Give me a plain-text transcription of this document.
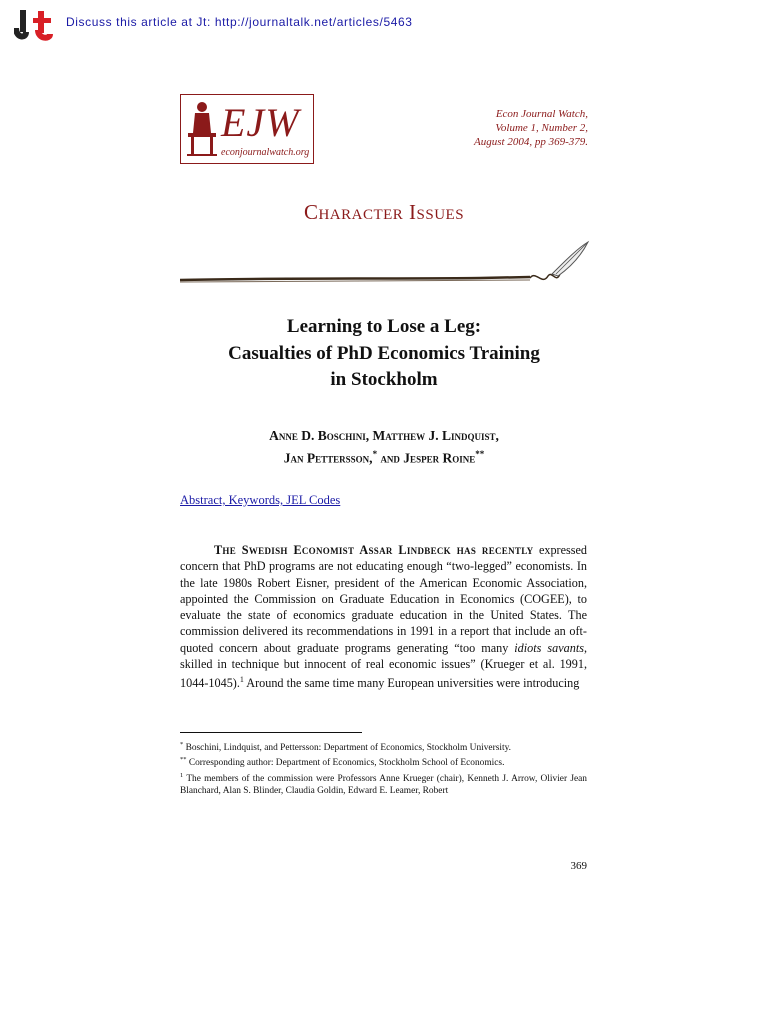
Discuss this article at Jt: http://journaltalk.net/articles/5463
EJW
econjournalwatch.org
Econ Journal Watch,
Volume 1, Number 2,
August 2004, pp 369-379.
Character Issues
Learning to Lose a Leg:
Casualties of PhD Economics Training
in Stockholm
Anne D. Boschini, Matthew J. Lindquist,
Jan Pettersson,* and Jesper Roine**
Abstract, Keywords, JEL Codes

The Swedish Economist Assar Lindbeck has recently expressed concern that PhD programs are not educating enough “two-legged” economists. In the late 1980s Robert Eisner, president of the American Economic Association, appointed the Commission on Graduate Education in Economics (COGEE), to evaluate the state of economics graduate education in the United States. The commission delivered its recommendations in 1991 in a report that include an oft-quoted concern about graduate programs generating “too many idiots savants, skilled in technique but innocent of real economic issues” (Krueger et al. 1991, 1044-1045).$^1$ Around the same time many European universities were introducing

* Boschini, Lindquist, and Pettersson: Department of Economics, Stockholm University.

** Corresponding author: Department of Economics, Stockholm School of Economics.

$^1$ The members of the commission were Professors Anne Krueger (chair), Kenneth J. Arrow, Olivier Jean Blanchard, Alan S. Blinder, Claudia Goldin, Edward E. Leamer, Robert

369
